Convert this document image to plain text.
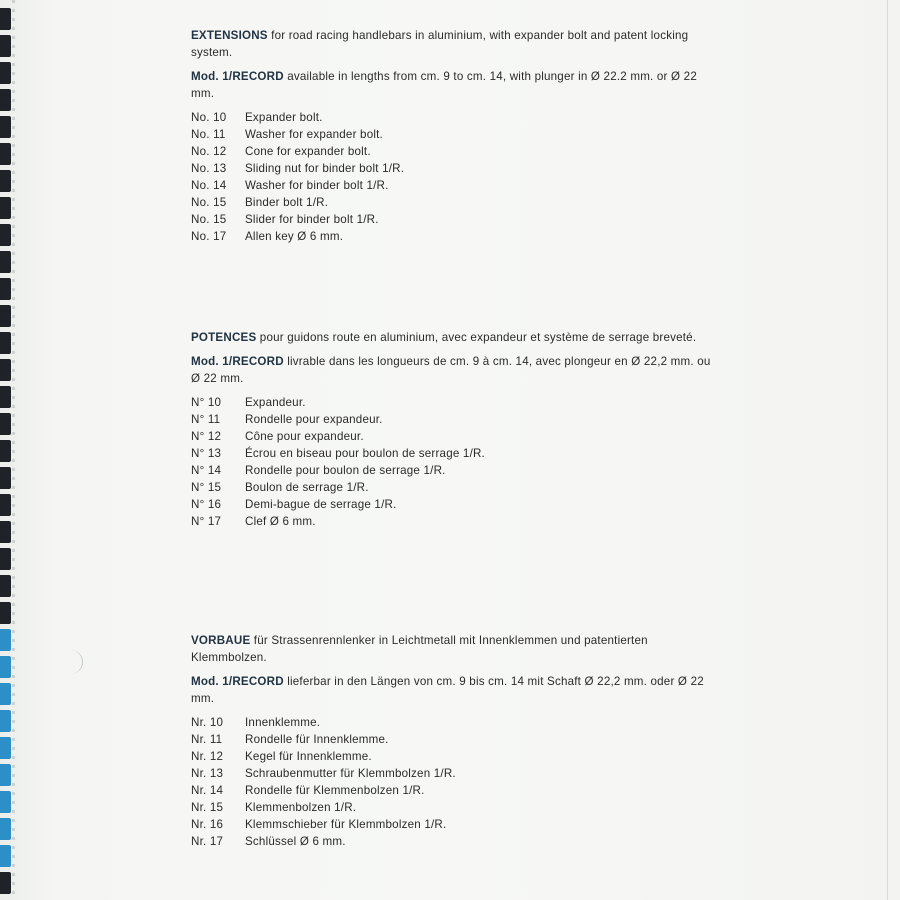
EXTENSIONS for road racing handlebars in aluminium, with expander bolt and patent locking system.

Mod. 1/RECORD available in lengths from cm. 9 to cm. 14, with plunger in Ø 22.2 mm. or Ø 22 mm.

No. 10	Expander bolt.
No. 11	Washer for expander bolt.
No. 12	Cone for expander bolt.
No. 13	Sliding nut for binder bolt 1/R.
No. 14	Washer for binder bolt 1/R.
No. 15	Binder bolt 1/R.
No. 15	Slider for binder bolt 1/R.
No. 17	Allen key Ø 6 mm.

POTENCES pour guidons route en aluminium, avec expandeur et système de serrage breveté.

Mod. 1/RECORD livrable dans les longueurs de cm. 9 à cm. 14, avec plongeur en Ø 22,2 mm. ou Ø 22 mm.

N° 10	Expandeur.
N° 11	Rondelle pour expandeur.
N° 12	Cône pour expandeur.
N° 13	Écrou en biseau pour boulon de serrage 1/R.
N° 14	Rondelle pour boulon de serrage 1/R.
N° 15	Boulon de serrage 1/R.
N° 16	Demi-bague de serrage 1/R.
N° 17	Clef Ø 6 mm.

VORBAUE für Strassenrennlenker in Leichtmetall mit Innenklemmen und patentierten Klemmbolzen.

Mod. 1/RECORD lieferbar in den Längen von cm. 9 bis cm. 14 mit Schaft Ø 22,2 mm. oder Ø 22 mm.

Nr. 10	Innenklemme.
Nr. 11	Rondelle für Innenklemme.
Nr. 12	Kegel für Innenklemme.
Nr. 13	Schraubenmutter für Klemmbolzen 1/R.
Nr. 14	Rondelle für Klemmenbolzen 1/R.
Nr. 15	Klemmenbolzen 1/R.
Nr. 16	Klemmschieber für Klemmbolzen 1/R.
Nr. 17	Schlüssel Ø 6 mm.
